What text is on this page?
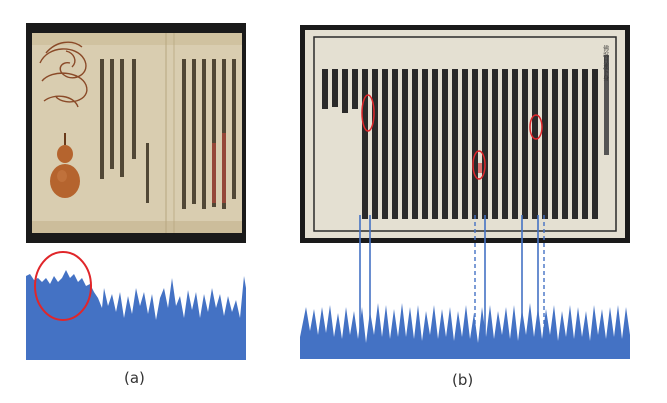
(a)
佛說目連下身
(b)
